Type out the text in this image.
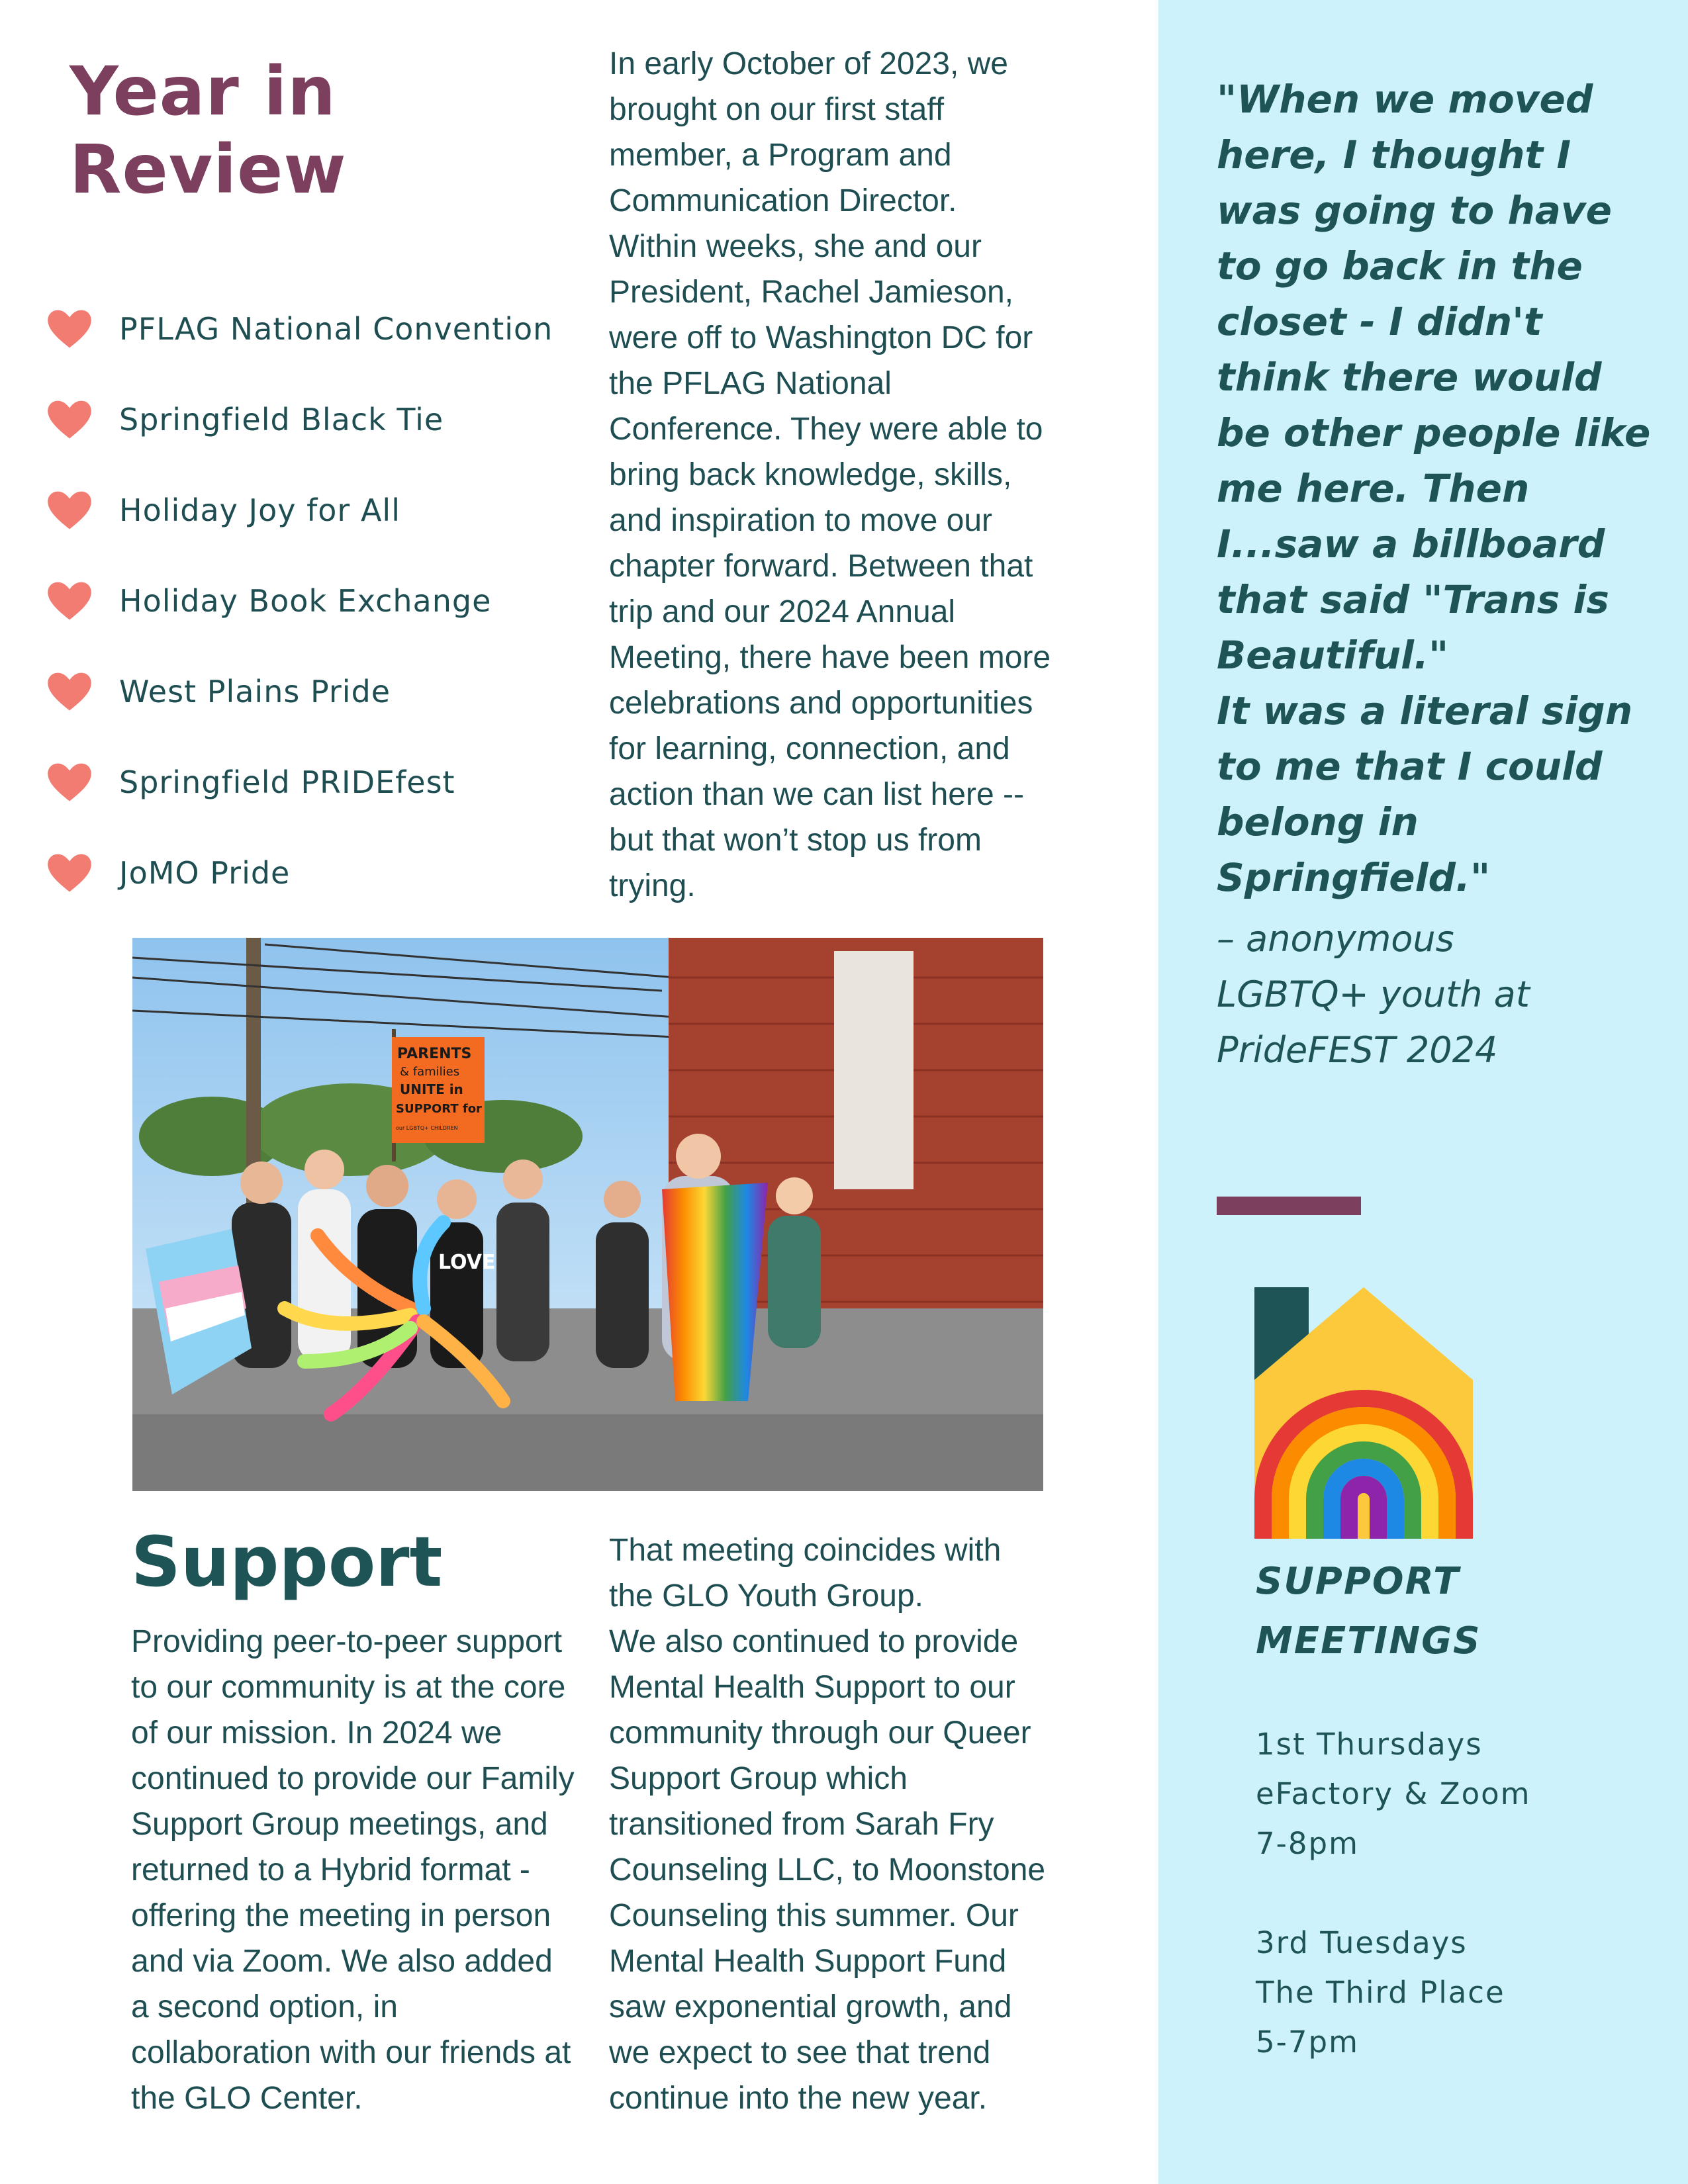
Year in
Review
PFLAG National Convention
Springfield Black Tie
Holiday Joy for All
Holiday Book Exchange
West Plains Pride
Springfield PRIDEfest
JoMO Pride

In early October of 2023, we brought on our first staff member, a Program and Communication Director. Within weeks, she and our President, Rachel Jamieson, were off to Washington DC for the PFLAG National Conference. They were able to bring back knowledge, skills, and inspiration to move our chapter forward. Between that trip and our 2024 Annual Meeting, there have been more celebrations and opportunities for learning, connection, and action than we can list here -- but that won’t stop us from trying.

PARENTS
& families
UNITE in
SUPPORT for
our LGBTQ+ CHILDREN
LOVE
Support

Providing peer-to-peer support to our community is at the core of our mission. In 2024 we continued to provide our Family Support Group meetings, and returned to a Hybrid format - offering the meeting in person and via Zoom. We also added a second option, in collaboration with our friends at the GLO Center.

That meeting coincides with the GLO Youth Group.

We also continued to provide Mental Health Support to our community through our Queer Support Group which transitioned from Sarah Fry Counseling LLC, to Moonstone Counseling this summer. Our Mental Health Support Fund saw exponential growth, and we expect to see that trend continue into the new year.

"When we moved
here, I thought I
was going to have
to go back in the
closet - I didn't
think there would
be other people like
me here. Then
I...saw a billboard
that said "Trans is
Beautiful."
It was a literal sign
to me that I could
belong in
Springfield."

– anonymous
LGBTQ+ youth at
PrideFEST 2024

SUPPORT
MEETINGS

1st Thursdays
eFactory & Zoom
7-8pm

3rd Tuesdays
The Third Place
5-7pm
